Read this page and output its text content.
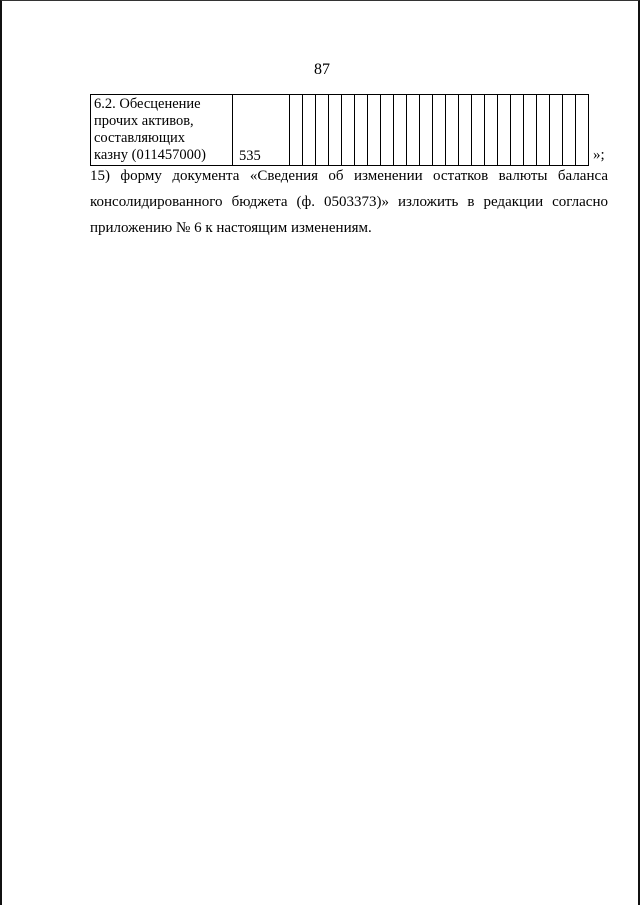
87
6.2. Обесценение
прочих активов,
составляющих
казну (011457000)	535																								»;
15) форму документа «Сведения об изменении остатков валюты баланса
консолидированного бюджета (ф. 0503373)» изложить в редакции согласно
приложению № 6 к настоящим изменениям.
